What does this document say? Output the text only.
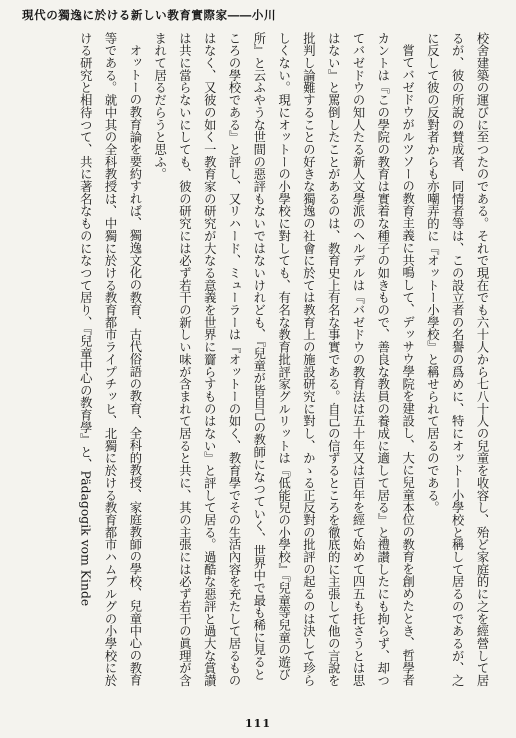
現代の獨逸に於ける新しい教育實際家――小川

校舍建築の運びに至つたのである。それで現在でも六十人から七八十人の兒童を收容し、殆ど家庭的に之を經營して居るが、彼の所說の賛成者、同情者等は、この設立者の名譽の爲めに、特にオットー小學校と稱して居るのであるが、之に反して彼の反對者からも亦嘲弄的に『オットー小學校』と稱せられて居るのである。

嘗てバゼドウがルツソーの教育主義に共鳴して、デッサウ學院を建設し、大に兒童本位の教育を創めたとき、哲學者カントは『この學院の教育は實着な種子の如きもので、善良な教員の養成に適して居る』と禮讃したにも拘らず、却つてバゼドウの知人たる新人文學派のヘルデルは『バゼドウの教育法は五十年又は百年を經て始めて四五も托さうとは思はない』と罵倒したことがあるのは、教育史上有名な事實である。自己の信ずるところを徹底的に主張して他の言說を批判し論難することの好きな獨逸の社會に於ては教育上の施設研究に對し、かゝる正反對の批評の起るのは決して珍らしくない。現にオットーの小學校に對しても、有名な教育批評家グルリットは『低能兒の小學校』『兒童等兒童の遊び所』と云ふやうな世間の惡評もないではないけれども、『兒童が皆自己の教師になつていく、世界中で最も稀に見るところの學校である』と評し、又リハード、ミューラーは『オットーの如く、教育學でその生活內容を充たして居るものはなく、又彼の如く一教育家の研究が大なる意義を世界に齎らすものはない』と評して居る。過酷な惡評と過大な賞讃は共に當らないにしても、彼の研究には必ず若干の新しい味が含まれて居ると共に、其の主張には必ず若干の眞理が含まれて居るだらうと思ふ。

オットーの教育論を要約すれば、獨逸文化の教育、古代俗語の教育、全科的教授、家庭教師の學校、兒童中心の教育等である。就中其の全科教授は、中獨に於ける教育都市ライプチッヒ、北獨に於ける教育都市ハムブルグの小學校に於ける研究と相待つて、共に著名なものになつて居り、『兒童中心の教育學』と、Pädagogik vom Kinde

111
